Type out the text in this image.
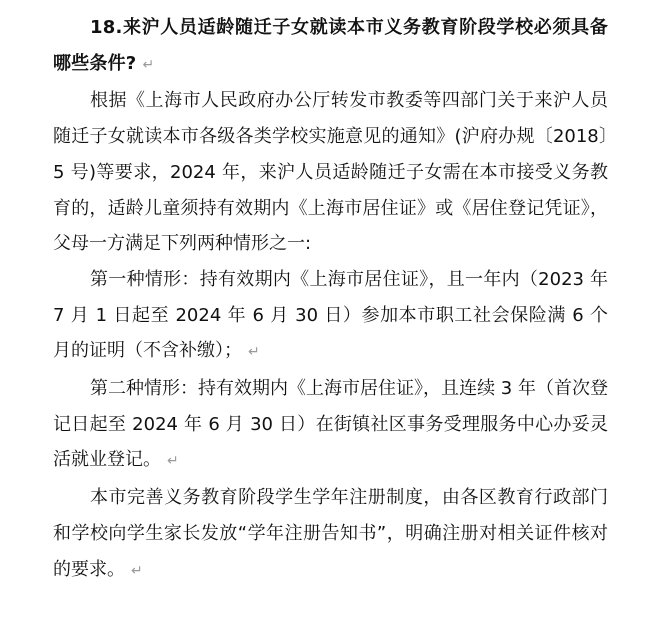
18.来沪人员适龄随迁子女就读本市义务教育阶段学校必须具备哪些条件? ↵

根据《上海市人民政府办公厅转发市教委等四部门关于来沪人员随迁子女就读本市各级各类学校实施意见的通知》(沪府办规〔2018〕5 号)等要求，2024 年，来沪人员适龄随迁子女需在本市接受义务教育的，适龄儿童须持有效期内《上海市居住证》或《居住登记凭证》，父母一方满足下列两种情形之一:

第一种情形：持有效期内《上海市居住证》，且一年内（2023 年 7 月 1 日起至 2024 年 6 月 30 日）参加本市职工社会保险满 6 个月的证明（不含补缴）； ↵

第二种情形：持有效期内《上海市居住证》，且连续 3 年（首次登记日起至 2024 年 6 月 30 日）在街镇社区事务受理服务中心办妥灵活就业登记。 ↵

本市完善义务教育阶段学生学年注册制度，由各区教育行政部门和学校向学生家长发放“学年注册告知书”，明确注册对相关证件核对的要求。 ↵
